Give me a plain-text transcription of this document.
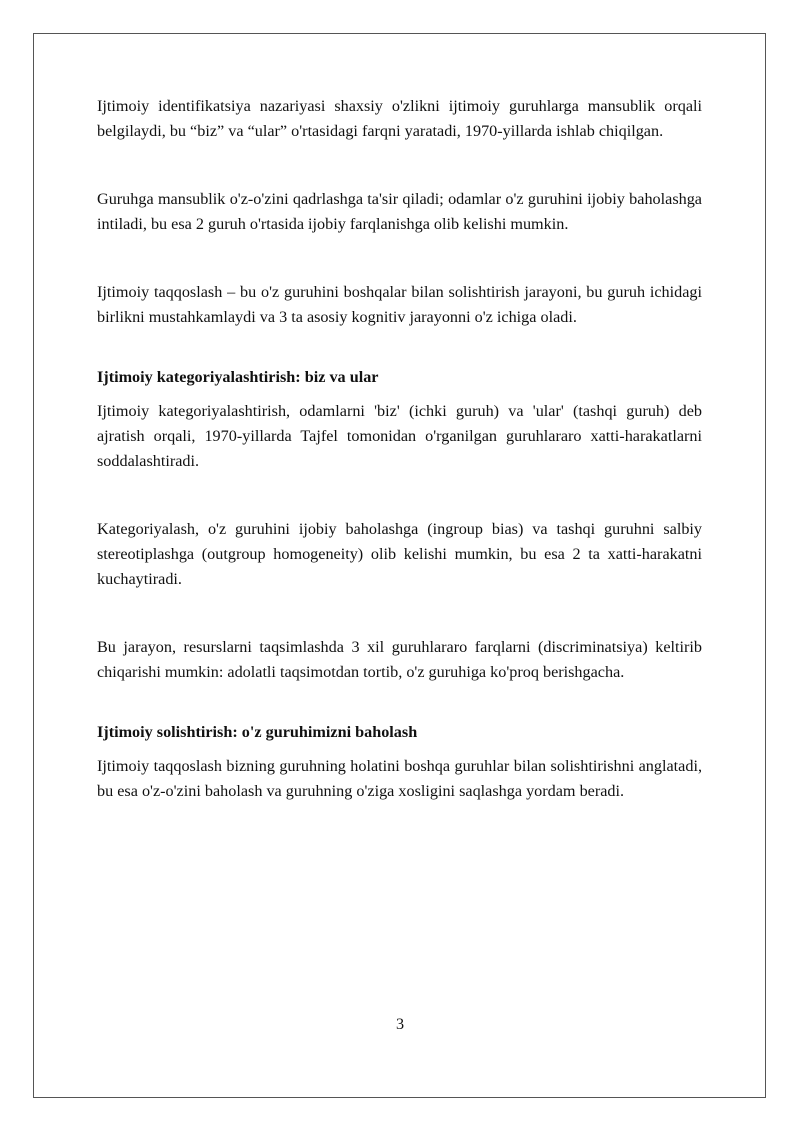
Ijtimoiy identifikatsiya nazariyasi shaxsiy o'zlikni ijtimoiy guruhlarga mansublik orqali belgilaydi, bu “biz” va “ular” o'rtasidagi farqni yaratadi, 1970-yillarda ishlab chiqilgan.

Guruhga mansublik o'z-o'zini qadrlashga ta'sir qiladi; odamlar o'z guruhini ijobiy baholashga intiladi, bu esa 2 guruh o'rtasida ijobiy farqlanishga olib kelishi mumkin.

Ijtimoiy taqqoslash – bu o'z guruhini boshqalar bilan solishtirish jarayoni, bu guruh ichidagi birlikni mustahkamlaydi va 3 ta asosiy kognitiv jarayonni o'z ichiga oladi.

Ijtimoiy kategoriyalashtirish: biz va ular

Ijtimoiy kategoriyalashtirish, odamlarni 'biz' (ichki guruh) va 'ular' (tashqi guruh) deb ajratish orqali, 1970-yillarda Tajfel tomonidan o'rganilgan guruhlararo xatti-harakatlarni soddalashtiradi.

Kategoriyalash, o'z guruhini ijobiy baholashga (ingroup bias) va tashqi guruhni salbiy stereotiplashga (outgroup homogeneity) olib kelishi mumkin, bu esa 2 ta xatti-harakatni kuchaytiradi.

Bu jarayon, resurslarni taqsimlashda 3 xil guruhlararo farqlarni (discriminatsiya) keltirib chiqarishi mumkin: adolatli taqsimotdan tortib, o'z guruhiga ko'proq berishgacha.

Ijtimoiy solishtirish: o'z guruhimizni baholash

Ijtimoiy taqqoslash bizning guruhning holatini boshqa guruhlar bilan solishtirishni anglatadi, bu esa o'z-o'zini baholash va guruhning o'ziga xosligini saqlashga yordam beradi.

3
